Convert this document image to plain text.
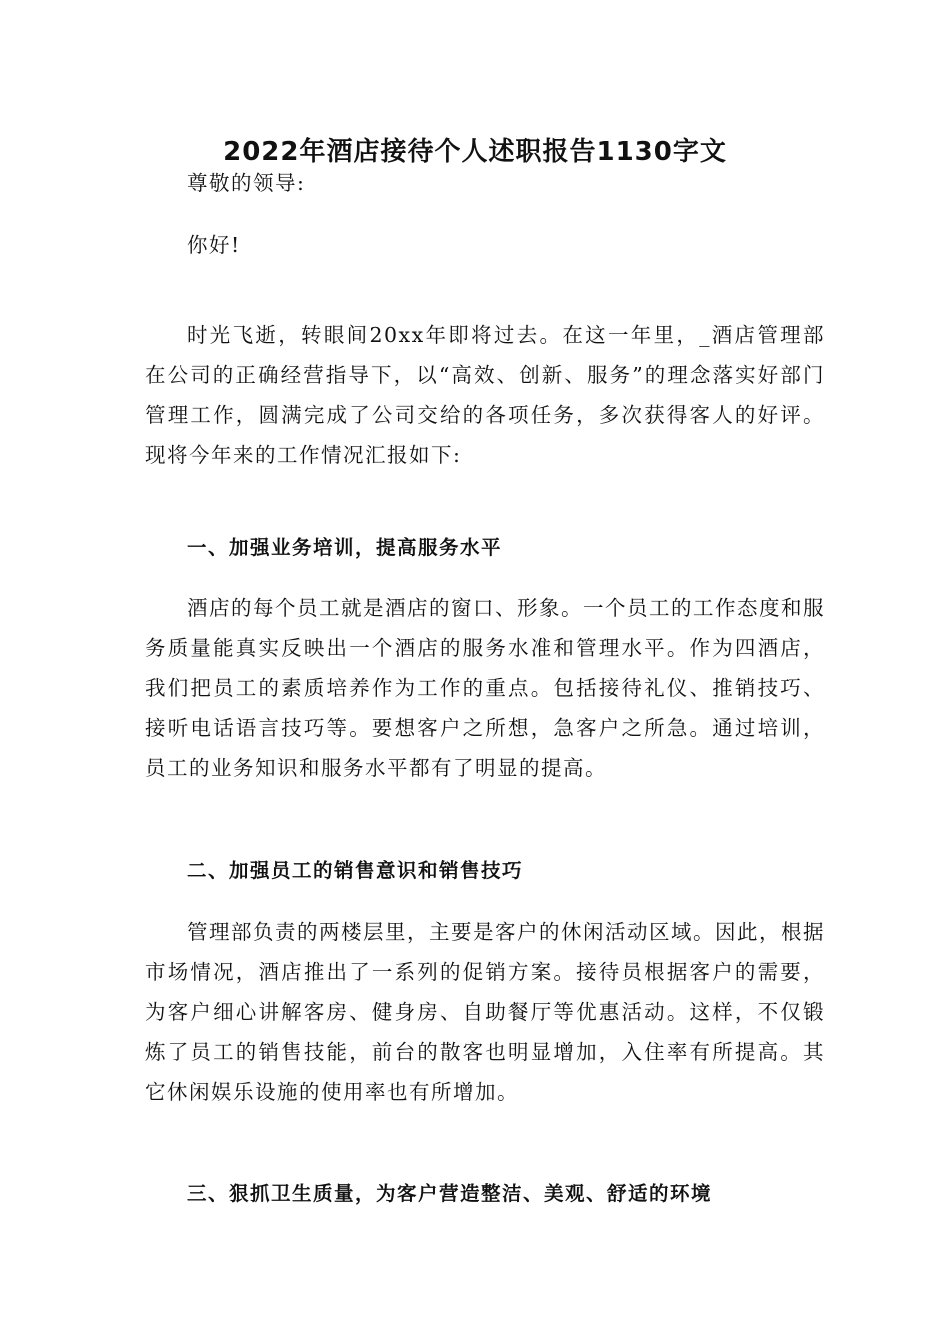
2022年酒店接待个人述职报告1130字文

尊敬的领导:

你好!

时光飞逝，转眼间20xx年即将过去。在这一年里，_酒店管理部在公司的正确经营指导下，以“高效、创新、服务”的理念落实好部门管理工作，圆满完成了公司交给的各项任务，多次获得客人的好评。现将今年来的工作情况汇报如下:

一、加强业务培训，提高服务水平

酒店的每个员工就是酒店的窗口、形象。一个员工的工作态度和服务质量能真实反映出一个酒店的服务水准和管理水平。作为四酒店，我们把员工的素质培养作为工作的重点。包括接待礼仪、推销技巧、接听电话语言技巧等。要想客户之所想，急客户之所急。通过培训，员工的业务知识和服务水平都有了明显的提高。

二、加强员工的销售意识和销售技巧

管理部负责的两楼层里，主要是客户的休闲活动区域。因此，根据市场情况，酒店推出了一系列的促销方案。接待员根据客户的需要，为客户细心讲解客房、健身房、自助餐厅等优惠活动。这样，不仅锻炼了员工的销售技能，前台的散客也明显增加，入住率有所提高。其它休闲娱乐设施的使用率也有所增加。

三、狠抓卫生质量，为客户营造整洁、美观、舒适的环境
